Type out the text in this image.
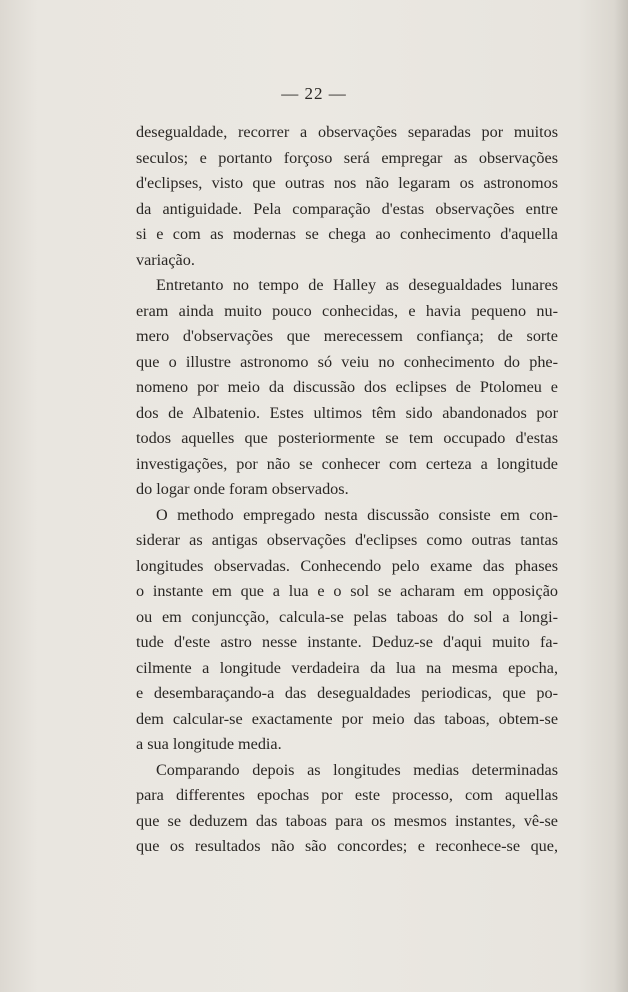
— 22 —

desegualdade, recorrer a observações separadas por muitos
seculos; e portanto forçoso será empregar as observações
d'eclipses, visto que outras nos não legaram os astronomos
da antiguidade. Pela comparação d'estas observações entre
si e com as modernas se chega ao conhecimento d'aquella
variação.

Entretanto no tempo de Halley as desegualdades lunares
eram ainda muito pouco conhecidas, e havia pequeno nu-
mero d'observações que merecessem confiança; de sorte
que o illustre astronomo só veiu no conhecimento do phe-
nomeno por meio da discussão dos eclipses de Ptolomeu e
dos de Albatenio. Estes ultimos têm sido abandonados por
todos aquelles que posteriormente se tem occupado d'estas
investigações, por não se conhecer com certeza a longitude
do logar onde foram observados.

O methodo empregado nesta discussão consiste em con-
siderar as antigas observações d'eclipses como outras tantas
longitudes observadas. Conhecendo pelo exame das phases
o instante em que a lua e o sol se acharam em opposição
ou em conjuncção, calcula-se pelas taboas do sol a longi-
tude d'este astro nesse instante. Deduz-se d'aqui muito fa-
cilmente a longitude verdadeira da lua na mesma epocha,
e desembaraçando-a das desegualdades periodicas, que po-
dem calcular-se exactamente por meio das taboas, obtem-se
a sua longitude media.

Comparando depois as longitudes medias determinadas
para differentes epochas por este processo, com aquellas
que se deduzem das taboas para os mesmos instantes, vê-se
que os resultados não são concordes; e reconhece-se que,
